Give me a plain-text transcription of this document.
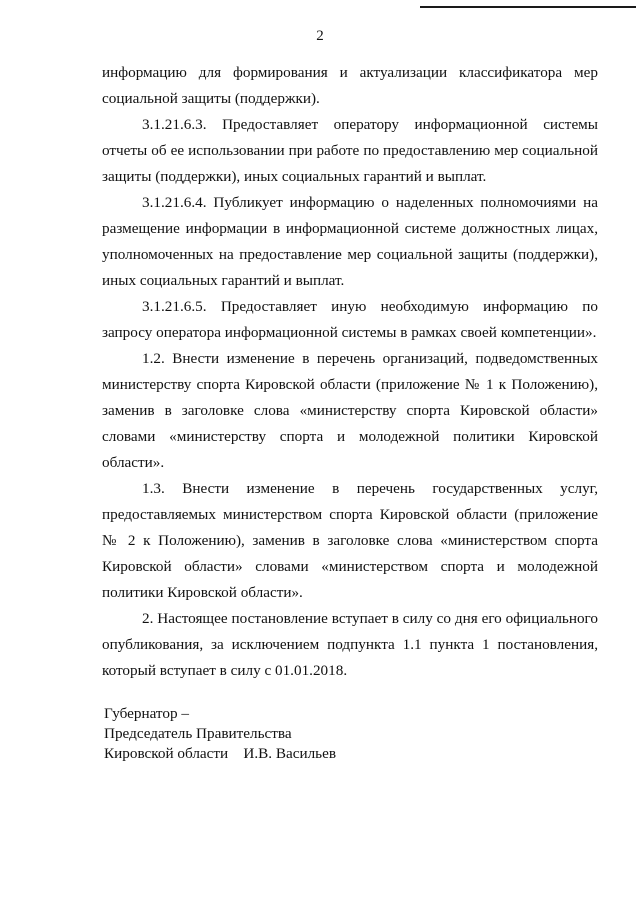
2

информацию для формирования и актуализации классификатора мер социальной защиты (поддержки).

3.1.21.6.3. Предоставляет оператору информационной системы отчеты об ее использовании при работе по предоставлению мер социальной защиты (поддержки), иных социальных гарантий и выплат.

3.1.21.6.4. Публикует информацию о наделенных полномочиями на размещение информации в информационной системе должностных лицах, уполномоченных на предоставление мер социальной защиты (поддержки), иных социальных гарантий и выплат.

3.1.21.6.5. Предоставляет иную необходимую информацию по запросу оператора информационной системы в рамках своей компетенции».

1.2. Внести изменение в перечень организаций, подведомственных министерству спорта Кировской области (приложение № 1 к Положению), заменив в заголовке слова «министерству спорта Кировской области» словами «министерству спорта и молодежной политики Кировской области».

1.3. Внести изменение в перечень государственных услуг, предоставляемых министерством спорта Кировской области (приложение № 2 к Положению), заменив в заголовке слова «министерством спорта Кировской области» словами «министерством спорта и молодежной политики Кировской области».

2. Настоящее постановление вступает в силу со дня его официального опубликования, за исключением подпункта 1.1 пункта 1 постановления, который вступает в силу с 01.01.2018.

Губернатор –
Председатель Правительства
Кировской области    И.В. Васильев
